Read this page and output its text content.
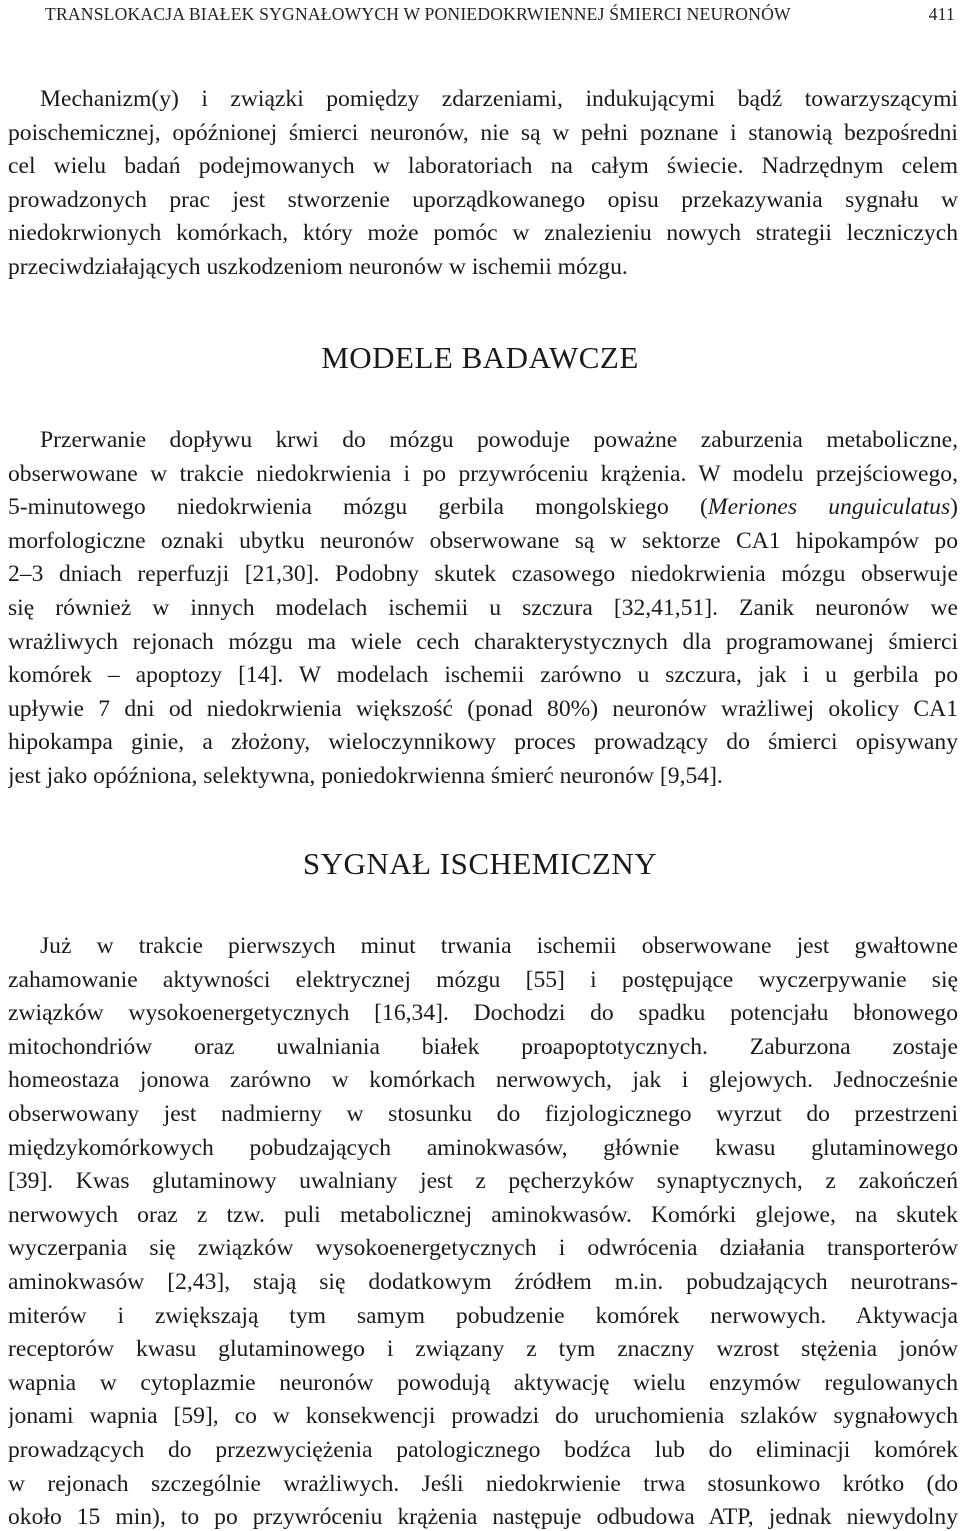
TRANSLOKACJA BIAŁEK SYGNAŁOWYCH W PONIEDOKRWIENNEJ ŚMIERCI NEURONÓW	411
Mechanizm(y) i związki pomiędzy zdarzeniami, indukującymi bądź towarzyszącymi
poischemicznej, opóźnionej śmierci neuronów, nie są w pełni poznane i stanowią bezpośredni
cel wielu badań podejmowanych w laboratoriach na całym świecie. Nadrzędnym celem
prowadzonych prac jest stworzenie uporządkowanego opisu przekazywania sygnału w
niedokrwionych komórkach, który może pomóc w znalezieniu nowych strategii leczniczych
przeciwdziałających uszkodzeniom neuronów w ischemii mózgu.
MODELE BADAWCZE
Przerwanie dopływu krwi do mózgu powoduje poważne zaburzenia metaboliczne,
obserwowane w trakcie niedokrwienia i po przywróceniu krążenia. W modelu przejściowego,
5-minutowego niedokrwienia mózgu gerbila mongolskiego (Meriones unguiculatus)
morfologiczne oznaki ubytku neuronów obserwowane są w sektorze CA1 hipokampów po
2–3 dniach reperfuzji [21,30]. Podobny skutek czasowego niedokrwienia mózgu obserwuje
się również w innych modelach ischemii u szczura [32,41,51]. Zanik neuronów we
wrażliwych rejonach mózgu ma wiele cech charakterystycznych dla programowanej śmierci
komórek – apoptozy [14]. W modelach ischemii zarówno u szczura, jak i u gerbila po
upływie 7 dni od niedokrwienia większość (ponad 80%) neuronów wrażliwej okolicy CA1
hipokampa ginie, a złożony, wieloczynnikowy proces prowadzący do śmierci opisywany
jest jako opóźniona, selektywna, poniedokrwienna śmierć neuronów [9,54].
SYGNAŁ ISCHEMICZNY
Już w trakcie pierwszych minut trwania ischemii obserwowane jest gwałtowne
zahamowanie aktywności elektrycznej mózgu [55] i postępujące wyczerpywanie się
związków wysokoenergetycznych [16,34]. Dochodzi do spadku potencjału błonowego
mitochondriów oraz uwalniania białek proapoptotycznych. Zaburzona zostaje
homeostaza jonowa zarówno w komórkach nerwowych, jak i glejowych. Jednocześnie
obserwowany jest nadmierny w stosunku do fizjologicznego wyrzut do przestrzeni
międzykomórkowych pobudzających aminokwasów, głównie kwasu glutaminowego
[39]. Kwas glutaminowy uwalniany jest z pęcherzyków synaptycznych, z zakończeń
nerwowych oraz z tzw. puli metabolicznej aminokwasów. Komórki glejowe, na skutek
wyczerpania się związków wysokoenergetycznych i odwrócenia działania transporterów
aminokwasów [2,43], stają się dodatkowym źródłem m.in. pobudzających neurotrans-
miterów i zwiększają tym samym pobudzenie komórek nerwowych. Aktywacja
receptorów kwasu glutaminowego i związany z tym znaczny wzrost stężenia jonów
wapnia w cytoplazmie neuronów powodują aktywację wielu enzymów regulowanych
jonami wapnia [59], co w konsekwencji prowadzi do uruchomienia szlaków sygnałowych
prowadzących do przezwyciężenia patologicznego bodźca lub do eliminacji komórek
w rejonach szczególnie wrażliwych. Jeśli niedokrwienie trwa stosunkowo krótko (do
około 15 min), to po przywróceniu krążenia następuje odbudowa ATP, jednak niewydolny
